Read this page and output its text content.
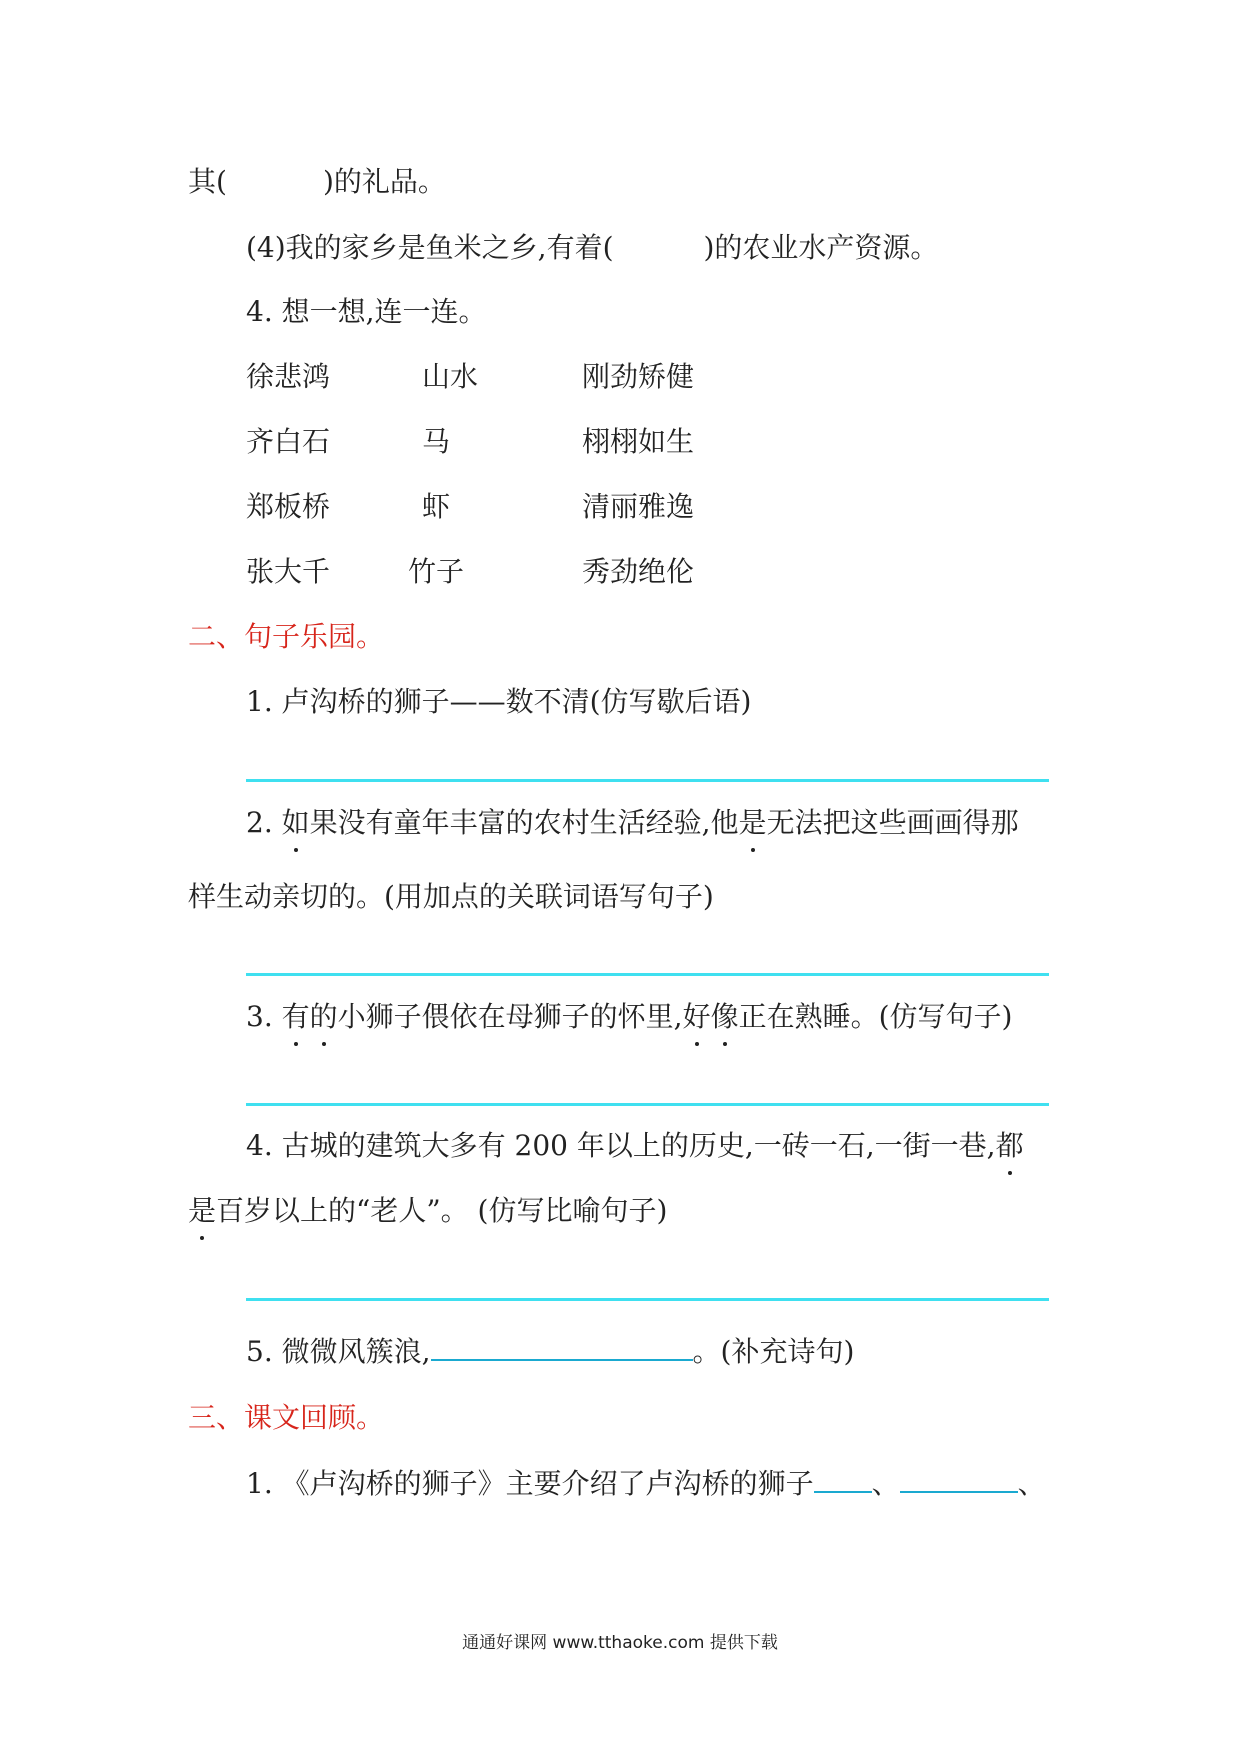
其(	)的礼品。
(4)我的家乡是鱼米之乡,有着(	)的农业水产资源。
4. 想一想,连一连。
徐悲鸿	山水	刚劲矫健
齐白石	马	栩栩如生
郑板桥	虾	清丽雅逸
张大千	竹子	秀劲绝伦
二、句子乐园。
1. 卢沟桥的狮子——数不清(仿写歇后语)
2. 如果没有童年丰富的农村生活经验,他是无法把这些画画得那
样生动亲切的。(用加点的关联词语写句子)
3. 有的小狮子偎依在母狮子的怀里,好像正在熟睡。(仿写句子)
4. 古城的建筑大多有 200 年以上的历史,一砖一石,一街一巷,都
是百岁以上的“老人”。 (仿写比喻句子)
5. 微微风簇浪,	。(补充诗句)
三、课文回顾。
1. 《卢沟桥的狮子》主要介绍了卢沟桥的狮子 、	、
通通好课网 www.tthaoke.com 提供下载
